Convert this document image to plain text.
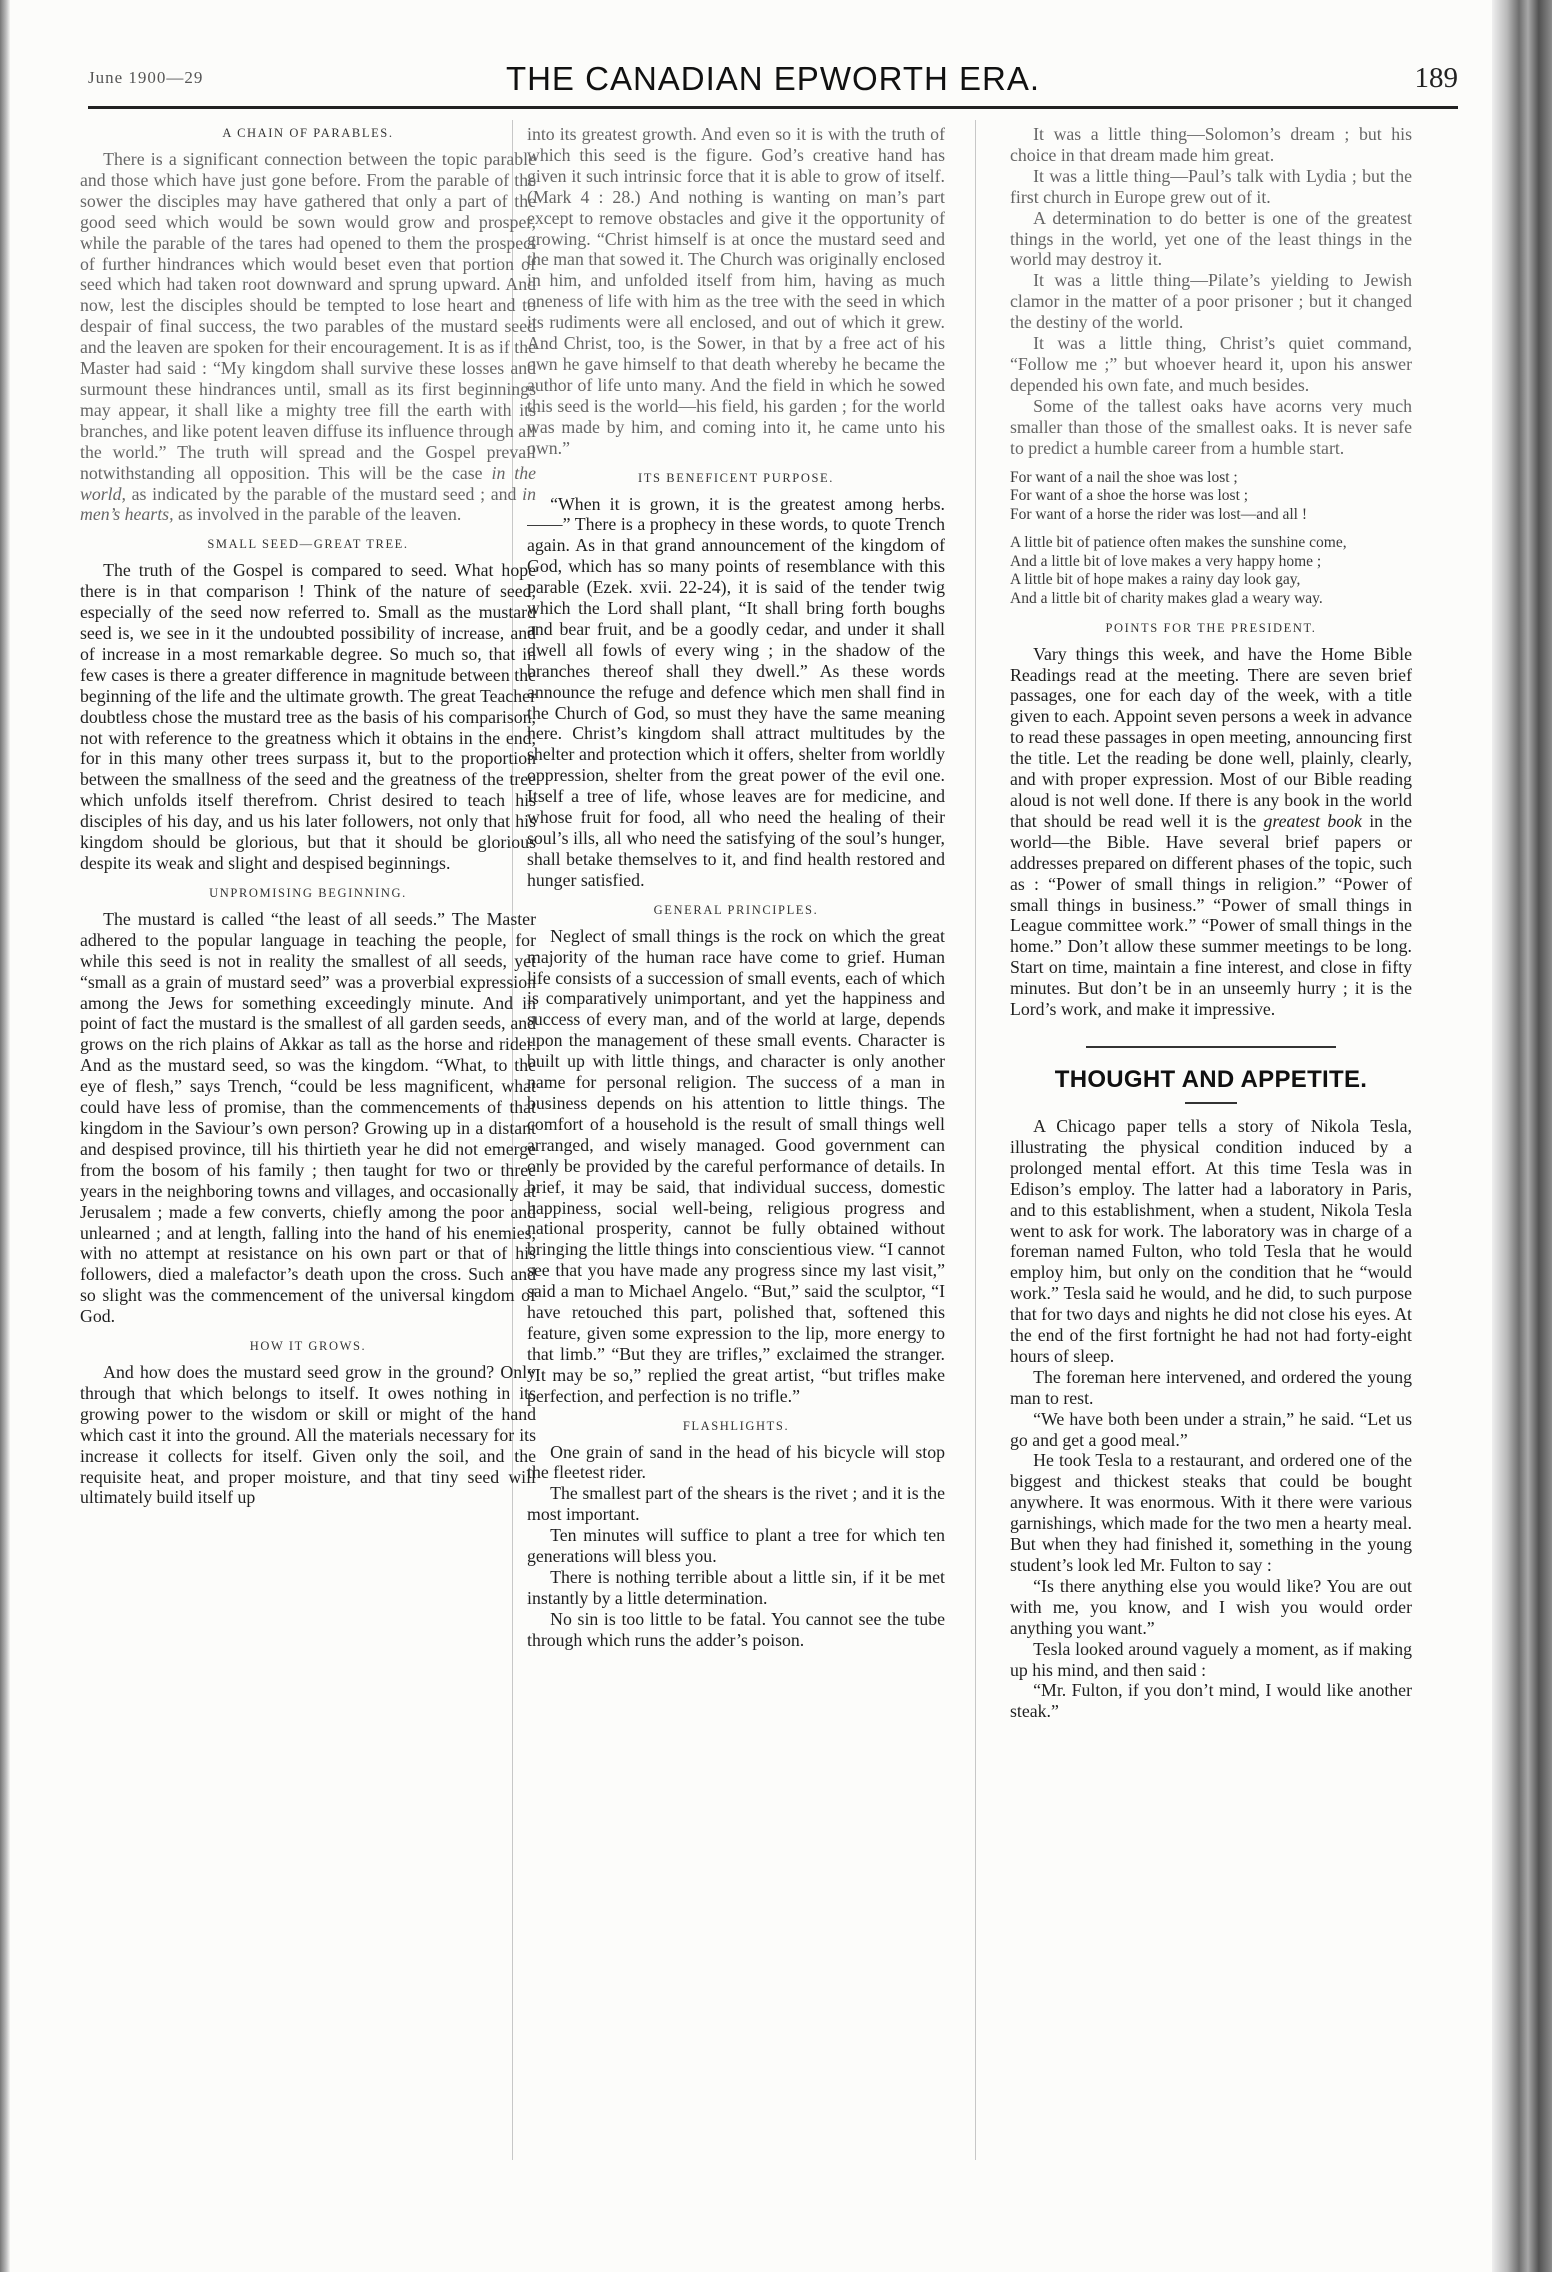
June 1900—29	THE CANADIAN EPWORTH ERA.	189
A CHAIN OF PARABLES.

There is a significant connection between the topic parable and those which have just gone before. From the parable of the sower the disciples may have gathered that only a part of the good seed which would be sown would grow and prosper, while the parable of the tares had opened to them the prospect of further hindrances which would beset even that portion of seed which had taken root downward and sprung upward. And now, lest the disciples should be tempted to lose heart and to despair of final success, the two parables of the mustard seed and the leaven are spoken for their encouragement. It is as if the Master had said : “My kingdom shall survive these losses and surmount these hindrances until, small as its first beginnings may appear, it shall like a mighty tree fill the earth with its branches, and like potent leaven diffuse its influence through all the world.” The truth will spread and the Gospel prevail notwithstanding all opposition. This will be the case in the world, as indicated by the parable of the mustard seed ; and in men’s hearts, as involved in the parable of the leaven.

SMALL SEED—GREAT TREE.

The truth of the Gospel is compared to seed. What hope there is in that comparison ! Think of the nature of seed, especially of the seed now referred to. Small as the mustard seed is, we see in it the undoubted possibility of increase, and of increase in a most remarkable degree. So much so, that in few cases is there a greater difference in magnitude between the beginning of the life and the ultimate growth. The great Teacher doubtless chose the mustard tree as the basis of his comparison, not with reference to the greatness which it obtains in the end, for in this many other trees surpass it, but to the proportion between the smallness of the seed and the greatness of the tree which unfolds itself therefrom. Christ desired to teach his disciples of his day, and us his later followers, not only that his kingdom should be glorious, but that it should be glorious despite its weak and slight and despised beginnings.

UNPROMISING BEGINNING.

The mustard is called “the least of all seeds.” The Master adhered to the popular language in teaching the people, for while this seed is not in reality the smallest of all seeds, yet “small as a grain of mustard seed” was a proverbial expression among the Jews for something exceedingly minute. And in point of fact the mustard is the smallest of all garden seeds, and grows on the rich plains of Akkar as tall as the horse and rider. And as the mustard seed, so was the kingdom. “What, to the eye of flesh,” says Trench, “could be less magnificent, what could have less of promise, than the commencements of that kingdom in the Saviour’s own person? Growing up in a distant and despised province, till his thirtieth year he did not emerge from the bosom of his family ; then taught for two or three years in the neighboring towns and villages, and occasionally at Jerusalem ; made a few converts, chiefly among the poor and unlearned ; and at length, falling into the hand of his enemies, with no attempt at resistance on his own part or that of his followers, died a malefactor’s death upon the cross. Such and so slight was the commencement of the universal kingdom of God.

HOW IT GROWS.

And how does the mustard seed grow in the ground? Only through that which belongs to itself. It owes nothing in its growing power to the wisdom or skill or might of the hand which cast it into the ground. All the materials necessary for its increase it collects for itself. Given only the soil, and the requisite heat, and proper moisture, and that tiny seed will ultimately build itself up

into its greatest growth. And even so it is with the truth of which this seed is the figure. God’s creative hand has given it such intrinsic force that it is able to grow of itself. (Mark 4 : 28.) And nothing is wanting on man’s part except to remove obstacles and give it the opportunity of growing. “Christ himself is at once the mustard seed and the man that sowed it. The Church was originally enclosed in him, and unfolded itself from him, having as much oneness of life with him as the tree with the seed in which its rudiments were all enclosed, and out of which it grew. And Christ, too, is the Sower, in that by a free act of his own he gave himself to that death whereby he became the author of life unto many. And the field in which he sowed this seed is the world—his field, his garden ; for the world was made by him, and coming into it, he came unto his own.”

ITS BENEFICENT PURPOSE.

“When it is grown, it is the greatest among herbs.——” There is a prophecy in these words, to quote Trench again. As in that grand announcement of the kingdom of God, which has so many points of resemblance with this parable (Ezek. xvii. 22-24), it is said of the tender twig which the Lord shall plant, “It shall bring forth boughs and bear fruit, and be a goodly cedar, and under it shall dwell all fowls of every wing ; in the shadow of the branches thereof shall they dwell.” As these words announce the refuge and defence which men shall find in the Church of God, so must they have the same meaning here. Christ’s kingdom shall attract multitudes by the shelter and protection which it offers, shelter from worldly oppression, shelter from the great power of the evil one. Itself a tree of life, whose leaves are for medicine, and whose fruit for food, all who need the healing of their soul’s ills, all who need the satisfying of the soul’s hunger, shall betake themselves to it, and find health restored and hunger satisfied.

GENERAL PRINCIPLES.

Neglect of small things is the rock on which the great majority of the human race have come to grief. Human life consists of a succession of small events, each of which is comparatively unimportant, and yet the happiness and success of every man, and of the world at large, depends upon the management of these small events. Character is built up with little things, and character is only another name for personal religion. The success of a man in business depends on his attention to little things. The comfort of a household is the result of small things well arranged, and wisely managed. Good government can only be provided by the careful performance of details. In brief, it may be said, that individual success, domestic happiness, social well-being, religious progress and national prosperity, cannot be fully obtained without bringing the little things into conscientious view. “I cannot see that you have made any progress since my last visit,” said a man to Michael Angelo. “But,” said the sculptor, “I have retouched this part, polished that, softened this feature, given some expression to the lip, more energy to that limb.” “But they are trifles,” exclaimed the stranger. “It may be so,” replied the great artist, “but trifles make perfection, and perfection is no trifle.”

FLASHLIGHTS.

One grain of sand in the head of his bicycle will stop the fleetest rider.

The smallest part of the shears is the rivet ; and it is the most important.

Ten minutes will suffice to plant a tree for which ten generations will bless you.

There is nothing terrible about a little sin, if it be met instantly by a little determination.

No sin is too little to be fatal. You cannot see the tube through which runs the adder’s poison.

It was a little thing—Solomon’s dream ; but his choice in that dream made him great.

It was a little thing—Paul’s talk with Lydia ; but the first church in Europe grew out of it.

A determination to do better is one of the greatest things in the world, yet one of the least things in the world may destroy it.

It was a little thing—Pilate’s yielding to Jewish clamor in the matter of a poor prisoner ; but it changed the destiny of the world.

It was a little thing, Christ’s quiet command, “Follow me ;” but whoever heard it, upon his answer depended his own fate, and much besides.

Some of the tallest oaks have acorns very much smaller than those of the smallest oaks. It is never safe to predict a humble career from a humble start.

For want of a nail the shoe was lost ;
For want of a shoe the horse was lost ;
For want of a horse the rider was lost—and all !
A little bit of patience often makes the sunshine come,
And a little bit of love makes a very happy home ;
A little bit of hope makes a rainy day look gay,
And a little bit of charity makes glad a weary way.
POINTS FOR THE PRESIDENT.

Vary things this week, and have the Home Bible Readings read at the meeting. There are seven brief passages, one for each day of the week, with a title given to each. Appoint seven persons a week in advance to read these passages in open meeting, announcing first the title. Let the reading be done well, plainly, clearly, and with proper expression. Most of our Bible reading aloud is not well done. If there is any book in the world that should be read well it is the greatest book in the world—the Bible. Have several brief papers or addresses prepared on different phases of the topic, such as : “Power of small things in religion.” “Power of small things in business.” “Power of small things in League committee work.” “Power of small things in the home.” Don’t allow these summer meetings to be long. Start on time, maintain a fine interest, and close in fifty minutes. But don’t be in an unseemly hurry ; it is the Lord’s work, and make it impressive.

THOUGHT AND APPETITE.

A Chicago paper tells a story of Nikola Tesla, illustrating the physical condition induced by a prolonged mental effort. At this time Tesla was in Edison’s employ. The latter had a laboratory in Paris, and to this establishment, when a student, Nikola Tesla went to ask for work. The laboratory was in charge of a foreman named Fulton, who told Tesla that he would employ him, but only on the condition that he “would work.” Tesla said he would, and he did, to such purpose that for two days and nights he did not close his eyes. At the end of the first fortnight he had not had forty-eight hours of sleep.

The foreman here intervened, and ordered the young man to rest.

“We have both been under a strain,” he said. “Let us go and get a good meal.”

He took Tesla to a restaurant, and ordered one of the biggest and thickest steaks that could be bought anywhere. It was enormous. With it there were various garnishings, which made for the two men a hearty meal. But when they had finished it, something in the young student’s look led Mr. Fulton to say :

“Is there anything else you would like? You are out with me, you know, and I wish you would order anything you want.”

Tesla looked around vaguely a moment, as if making up his mind, and then said :

“Mr. Fulton, if you don’t mind, I would like another steak.”
